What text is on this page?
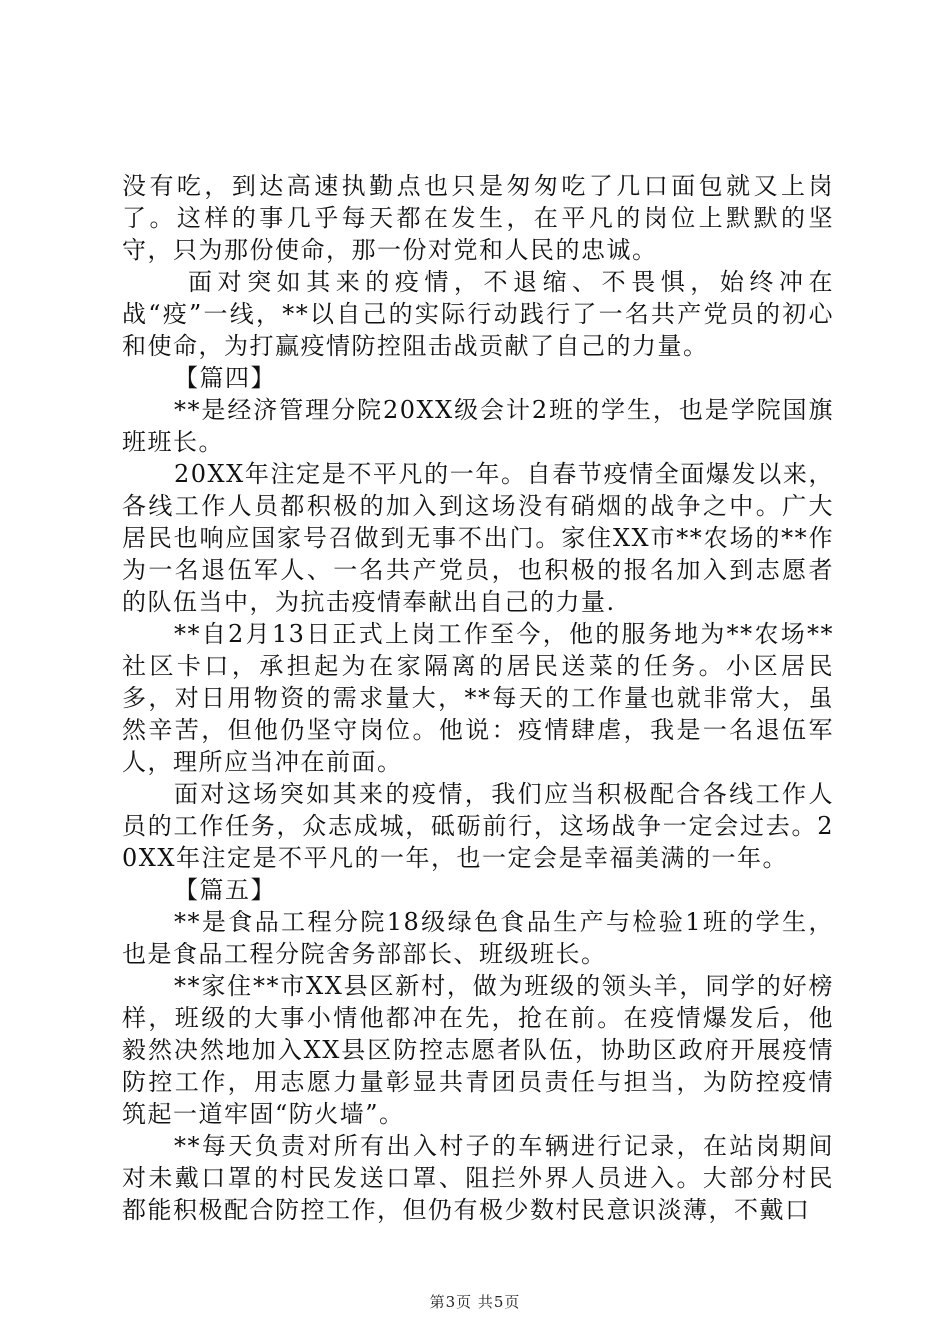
没有吃，到达高速执勤点也只是匆匆吃了几口面包就又上岗了。这样的事几乎每天都在发生，在平凡的岗位上默默的坚守，只为那份使命，那一份对党和人民的忠诚。

面对突如其来的疫情，不退缩、不畏惧，始终冲在战“疫”一线，**以自己的实际行动践行了一名共产党员的初心和使命，为打赢疫情防控阻击战贡献了自己的力量。

【篇四】

**是经济管理分院20XX级会计2班的学生，也是学院国旗班班长。

20XX年注定是不平凡的一年。自春节疫情全面爆发以来，各线工作人员都积极的加入到这场没有硝烟的战争之中。广大居民也响应国家号召做到无事不出门。家住XX市**农场的**作为一名退伍军人、一名共产党员，也积极的报名加入到志愿者的队伍当中，为抗击疫情奉献出自己的力量.

**自2月13日正式上岗工作至今，他的服务地为**农场**社区卡口，承担起为在家隔离的居民送菜的任务。小区居民多，对日用物资的需求量大，**每天的工作量也就非常大，虽然辛苦，但他仍坚守岗位。他说：疫情肆虐，我是一名退伍军人，理所应当冲在前面。

面对这场突如其来的疫情，我们应当积极配合各线工作人员的工作任务，众志成城，砥砺前行，这场战争一定会过去。20XX年注定是不平凡的一年，也一定会是幸福美满的一年。

【篇五】

**是食品工程分院18级绿色食品生产与检验1班的学生，也是食品工程分院舍务部部长、班级班长。

**家住**市XX县区新村，做为班级的领头羊，同学的好榜样，班级的大事小情他都冲在先，抢在前。在疫情爆发后，他毅然决然地加入XX县区防控志愿者队伍，协助区政府开展疫情防控工作，用志愿力量彰显共青团员责任与担当，为防控疫情筑起一道牢固“防火墙”。

**每天负责对所有出入村子的车辆进行记录，在站岗期间对未戴口罩的村民发送口罩、阻拦外界人员进入。大部分村民都能积极配合防控工作，但仍有极少数村民意识淡薄，不戴口

第3页 共5页
